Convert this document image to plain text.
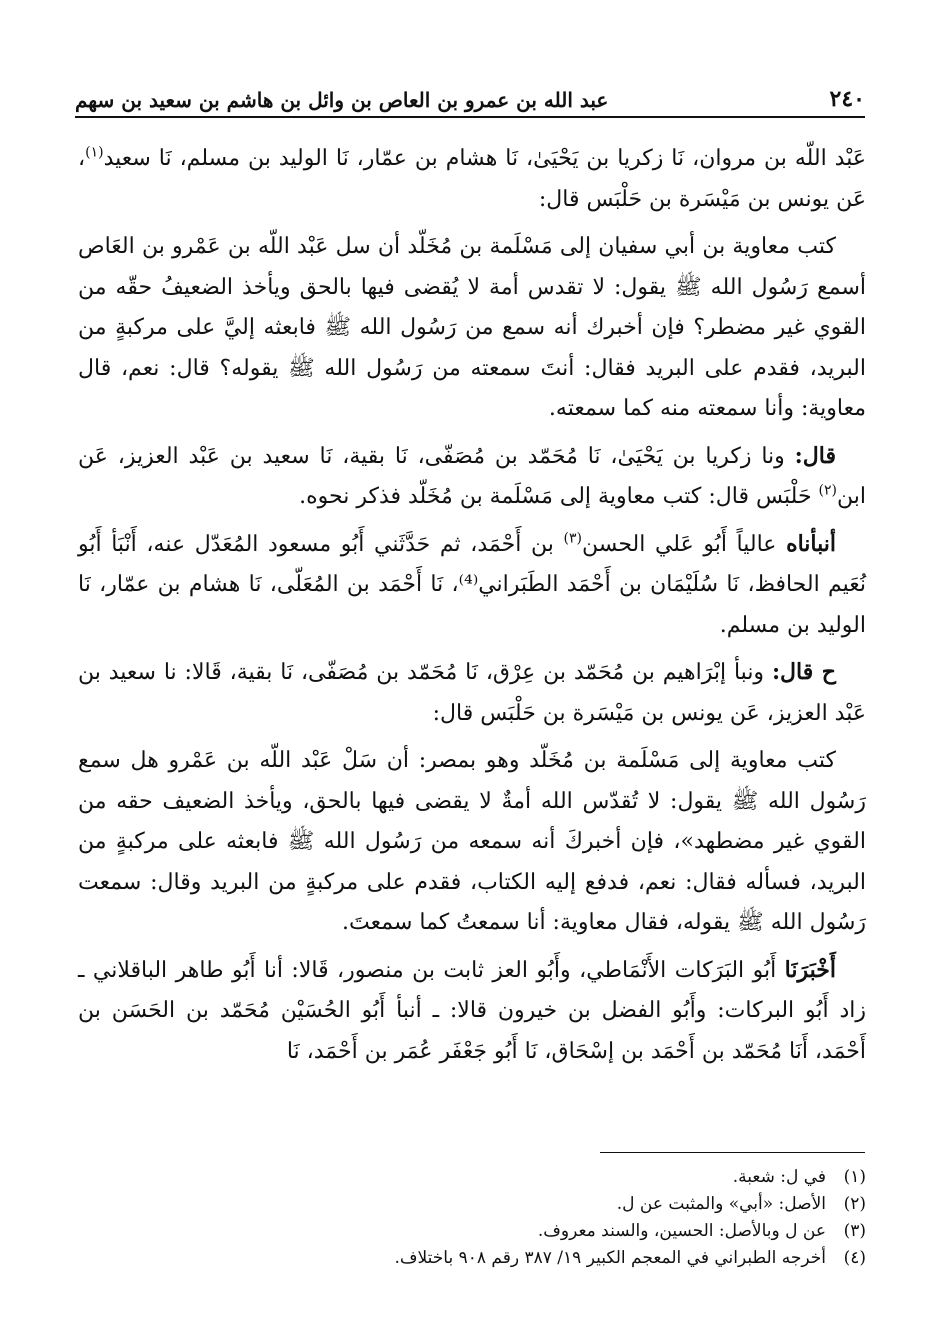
٢٤٠
عبد الله بن عمرو بن العاص بن وائل بن هاشم بن سعيد بن سهم

عَبْد اللّه بن مروان، نَا زكريا بن يَحْيَىٰ، نَا هشام بن عمّار، نَا الوليد بن مسلم، نَا سعيد$^{(١)}$، عَن يونس بن مَيْسَرة بن حَلْبَس قال:

كتب معاوية بن أبي سفيان إلى مَسْلَمة بن مُخَلّد أن سل عَبْد اللّه بن عَمْرو بن العَاص أسمع رَسُول الله ﷺ يقول: لا تقدس أمة لا يُقضى فيها بالحق ويأخذ الضعيفُ حقّه من القوي غير مضطر؟ فإن أخبرك أنه سمع من رَسُول الله ﷺ فابعثه إليَّ على مركبةٍ من البريد، فقدم على البريد فقال: أنتَ سمعته من رَسُول الله ﷺ يقوله؟ قال: نعم، قال معاوية: وأنا سمعته منه كما سمعته.

قال: ونا زكريا بن يَحْيَىٰ، نَا مُحَمّد بن مُصَفّى، نَا بقية، نَا سعيد بن عَبْد العزيز، عَن ابن$^{(٢)}$ حَلْبَس قال: كتب معاوية إلى مَسْلَمة بن مُخَلّد فذكر نحوه.

أنبأناه عالياً أَبُو عَلي الحسن$^{(٣)}$ بن أَحْمَد، ثم حَدَّثَني أَبُو مسعود المُعَدّل عنه، أَنْبَأ أَبُو نُعَيم الحافظ، نَا سُلَيْمَان بن أَحْمَد الطَبَراني⁽⁴⁾، نَا أَحْمَد بن المُعَلّى، نَا هشام بن عمّار، نَا الوليد بن مسلم.

ح قال: ونبأ إبْرَاهيم بن مُحَمّد بن عِرْق، نَا مُحَمّد بن مُصَفّى، نَا بقية، قَالا: نا سعيد بن عَبْد العزيز، عَن يونس بن مَيْسَرة بن حَلْبَس قال:

كتب معاوية إلى مَسْلَمة بن مُخَلّد وهو بمصر: أن سَلْ عَبْد اللّه بن عَمْرو هل سمع رَسُول الله ﷺ يقول: لا تُقدّس الله أمةٌ لا يقضى فيها بالحق، ويأخذ الضعيف حقه من القوي غير مضطهد»، فإن أخبركَ أنه سمعه من رَسُول الله ﷺ فابعثه على مركبةٍ من البريد، فسأله فقال: نعم، فدفع إليه الكتاب، فقدم على مركبةٍ من البريد وقال: سمعت رَسُول الله ﷺ يقوله، فقال معاوية: أنا سمعتُ كما سمعتَ.

أَخْبَرَنَا أَبُو البَرَكات الأَنْمَاطي، وأَبُو العز ثابت بن منصور، قَالا: أنا أَبُو طاهر الباقلاني ـ زاد أَبُو البركات: وأَبُو الفضل بن خيرون قالا: ـ أنبأ أَبُو الحُسَيْن مُحَمّد بن الحَسَن بن أَحْمَد، أَنَا مُحَمّد بن أَحْمَد بن إسْحَاق، نَا أَبُو جَعْفَر عُمَر بن أَحْمَد، نَا

(١)
في ل: شعبة.
(٢)
الأصل: «أبي» والمثبت عن ل.
(٣)
عن ل وبالأصل: الحسين، والسند معروف.
(٤)
أخرجه الطبراني في المعجم الكبير ١٩/ ٣٨٧ رقم ٩٠٨ باختلاف.
